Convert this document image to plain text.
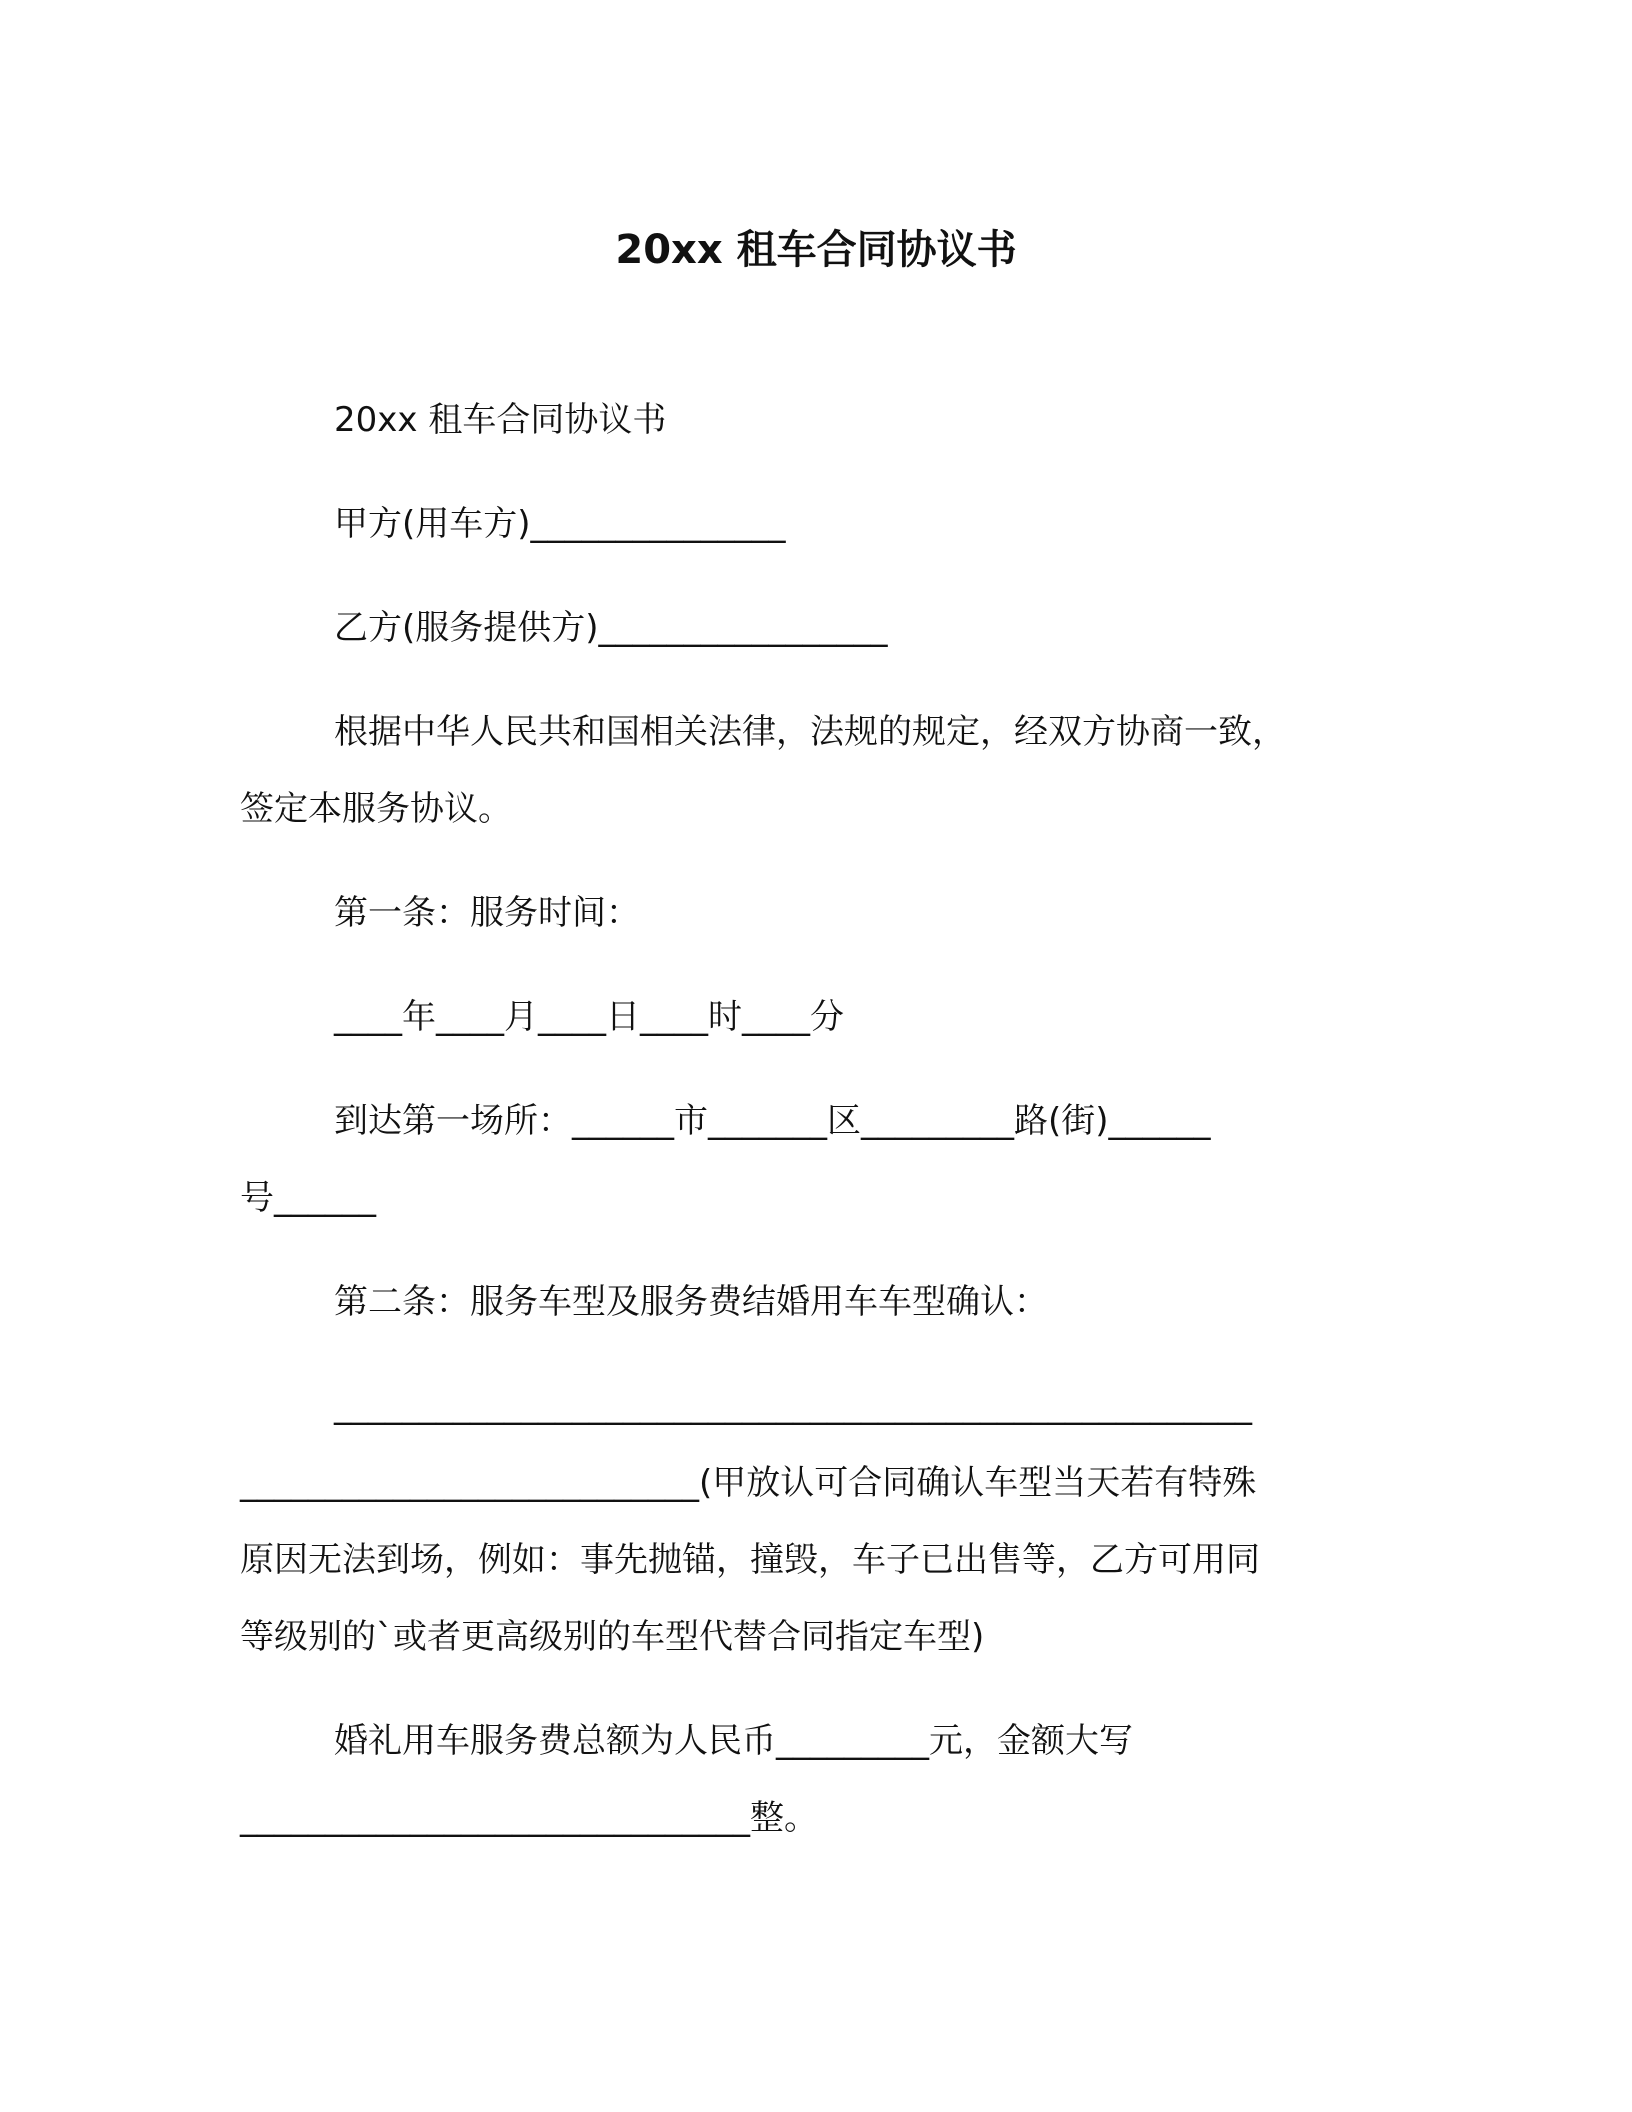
20xx 租车合同协议书
20xx 租车合同协议书
甲方(用车方)_______________
乙方(服务提供方)_________________
根据中华人民共和国相关法律，法规的规定，经双方协商一致，
签定本服务协议。
第一条：服务时间：
____年____月____日____时____分
到达第一场所：______市_______区_________路(街)______
号______
第二条：服务车型及服务费结婚用车车型确认：
______________________________________________________
___________________________(甲放认可合同确认车型当天若有特殊
原因无法到场，例如：事先抛锚，撞毁，车子已出售等，乙方可用同
等级别的`或者更高级别的车型代替合同指定车型)
婚礼用车服务费总额为人民币_________元，金额大写
______________________________整。
